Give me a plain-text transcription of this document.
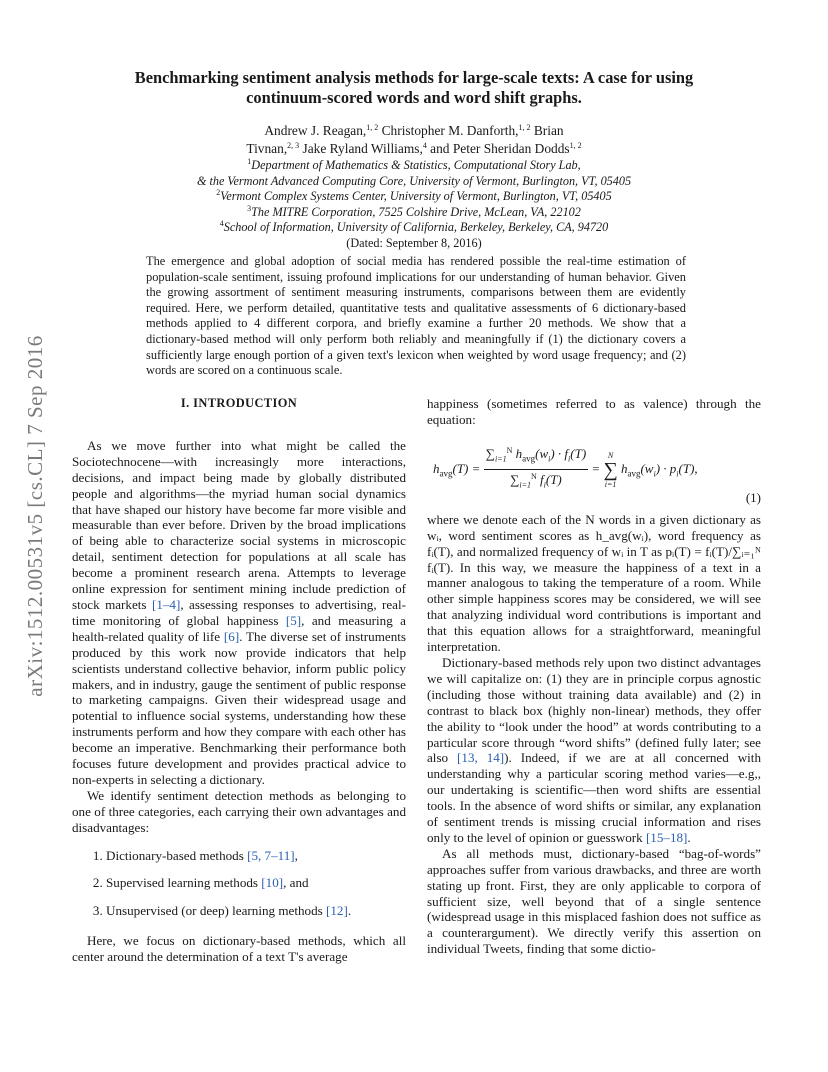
arXiv:1512.00531v5 [cs.CL] 7 Sep 2016
Benchmarking sentiment analysis methods for large-scale texts: A case for using
continuum-scored words and word shift graphs.
Andrew J. Reagan,$^{1, 2}$ Christopher M. Danforth,$^{1, 2}$ Brian
Tivnan,$^{2, 3}$ Jake Ryland Williams,$^4$ and Peter Sheridan Dodds$^{1, 2}$
$^1$Department of Mathematics & Statistics, Computational Story Lab,
& the Vermont Advanced Computing Core, University of Vermont, Burlington, VT, 05405
$^2$Vermont Complex Systems Center, University of Vermont, Burlington, VT, 05405
$^3$The MITRE Corporation, 7525 Colshire Drive, McLean, VA, 22102
$^4$School of Information, University of California, Berkeley, Berkeley, CA, 94720
(Dated: September 8, 2016)
The emergence and global adoption of social media has rendered possible the real-time estimation of population-scale sentiment, issuing profound implications for our understanding of human behavior. Given the growing assortment of sentiment measuring instruments, comparisons between them are evidently required. Here, we perform detailed, quantitative tests and qualitative assessments of 6 dictionary-based methods applied to 4 different corpora, and briefly examine a further 20 methods. We show that a dictionary-based method will only perform both reliably and meaningfully if (1) the dictionary covers a sufficiently large enough portion of a given text's lexicon when weighted by word usage frequency; and (2) words are scored on a continuous scale.
I. INTRODUCTION

As we move further into what might be called the Sociotechnocene—with increasingly more interactions, decisions, and impact being made by globally distributed people and algorithms—the myriad human social dynamics that have shaped our history have become far more visible and measurable than ever before. Driven by the broad implications of being able to characterize social systems in microscopic detail, sentiment detection for populations at all scale has become a prominent research arena. Attempts to leverage online expression for sentiment mining include prediction of stock markets [1–4], assessing responses to advertising, real-time monitoring of global happiness [5], and measuring a health-related quality of life [6]. The diverse set of instruments produced by this work now provide indicators that help scientists understand collective behavior, inform public policy makers, and in industry, gauge the sentiment of public response to marketing campaigns. Given their widespread usage and potential to influence social systems, understanding how these instruments perform and how they compare with each other has become an imperative. Benchmarking their performance both focuses future development and provides practical advice to non-experts in selecting a dictionary.

We identify sentiment detection methods as belonging to one of three categories, each carrying their own advantages and disadvantages:

1. Dictionary-based methods [5, 7–11],
2. Supervised learning methods [10], and
3. Unsupervised (or deep) learning methods [12].

Here, we focus on dictionary-based methods, which all center around the determination of a text T's average

happiness (sometimes referred to as valence) through the equation:

$h_{avg}(T) = \frac{\sum_{i=1}^N h_{avg}(w_i) \cdot f_i(T)}{\sum_{i=1}^N f_i(T)}$ =
N
∑
i=1
$h_{avg}(w_i) \cdot p_i(T)$,
(1)

where we denote each of the N words in a given dictionary as wᵢ, word sentiment scores as h_avg(wᵢ), word frequency as fᵢ(T), and normalized frequency of wᵢ in T as pᵢ(T) = fᵢ(T)/∑ᵢ₌₁ᴺ fᵢ(T). In this way, we measure the happiness of a text in a manner analogous to taking the temperature of a room. While other simple happiness scores may be considered, we will see that analyzing individual word contributions is important and that this equation allows for a straightforward, meaningful interpretation.

Dictionary-based methods rely upon two distinct advantages we will capitalize on: (1) they are in principle corpus agnostic (including those without training data available) and (2) in contrast to black box (highly non-linear) methods, they offer the ability to “look under the hood” at words contributing to a particular score through “word shifts” (defined fully later; see also [13, 14]). Indeed, if we are at all concerned with understanding why a particular scoring method varies—e.g,, our undertaking is scientific—then word shifts are essential tools. In the absence of word shifts or similar, any explanation of sentiment trends is missing crucial information and rises only to the level of opinion or guesswork [15–18].

As all methods must, dictionary-based “bag-of-words” approaches suffer from various drawbacks, and three are worth stating up front. First, they are only applicable to corpora of sufficient size, well beyond that of a single sentence (widespread usage in this misplaced fashion does not suffice as a counterargument). We directly verify this assertion on individual Tweets, finding that some dictio-
